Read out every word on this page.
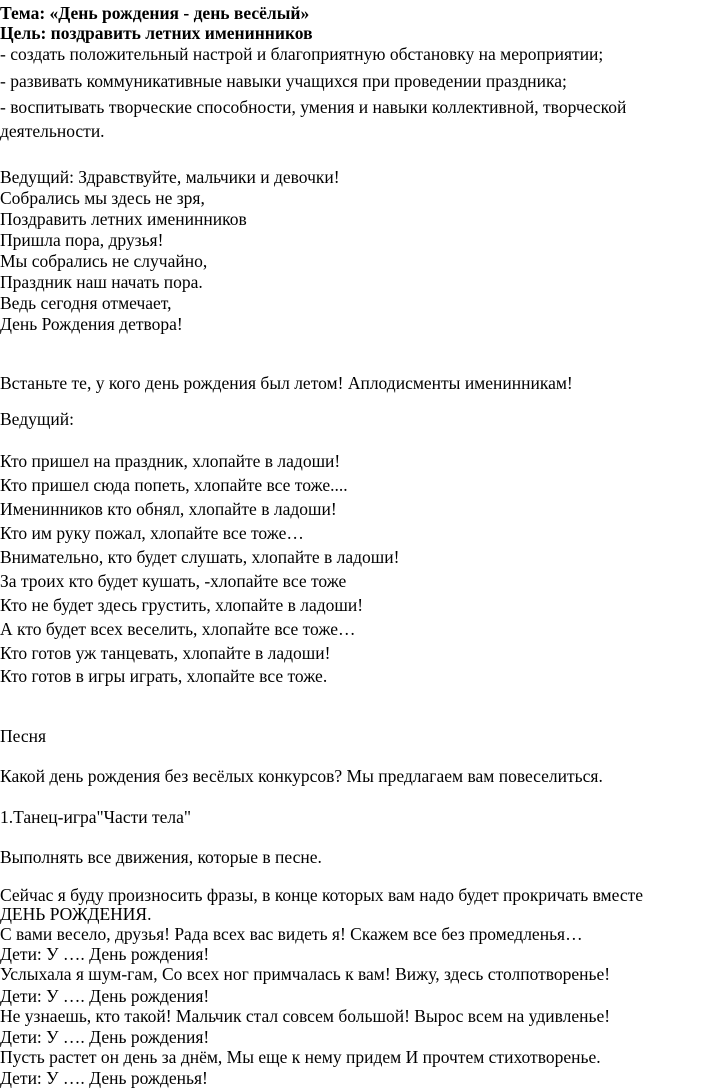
Тема: «День рождения - день весёлый»

Цель: поздравить летних именинников

- создать положительный настрой и благоприятную обстановку на мероприятии;

- развивать коммуникативные навыки учащихся при проведении праздника;

- воспитывать творческие способности, умения и навыки коллективной, творческой

деятельности.

Ведущий: Здравствуйте, мальчики и девочки!

Собрались мы здесь не зря,

Поздравить летних именинников

Пришла пора, друзья!

Мы собрались не случайно,

Праздник наш начать пора.

Ведь сегодня отмечает,

День Рождения детвора!

Встаньте те, у кого день рождения был летом! Аплодисменты именинникам!

Ведущий:

Кто пришел на праздник, хлопайте в ладоши!

Кто пришел сюда попеть, хлопайте все тоже....

Именинников кто обнял, хлопайте в ладоши!

Кто им руку пожал, хлопайте все тоже…

Внимательно, кто будет слушать, хлопайте в ладоши!

За троих кто будет кушать, -хлопайте все тоже

Кто не будет здесь грустить, хлопайте в ладоши!

А кто будет всех веселить, хлопайте все тоже…

Кто готов уж танцевать, хлопайте в ладоши!

Кто готов в игры играть, хлопайте все тоже.

Песня

Какой день рождения без весёлых конкурсов? Мы предлагаем вам повеселиться.

1.Танец-игра"Части тела"

Выполнять все движения, которые в песне.

Сейчас я буду произносить фразы, в конце которых вам надо будет прокричать вместе

ДЕНЬ РОЖДЕНИЯ.

С вами весело, друзья! Рада всех вас видеть я! Скажем все без промедленья…

Дети: У …. День рождения!

Услыхала я шум-гам, Со всех ног примчалась к вам! Вижу, здесь столпотворенье!

Дети: У …. День рождения!

Не узнаешь, кто такой! Мальчик стал совсем большой! Вырос всем на удивленье!

Дети: У …. День рождения!

Пусть растет он день за днём, Мы еще к нему придем И прочтем стихотворенье.

Дети: У …. День рожденья!
